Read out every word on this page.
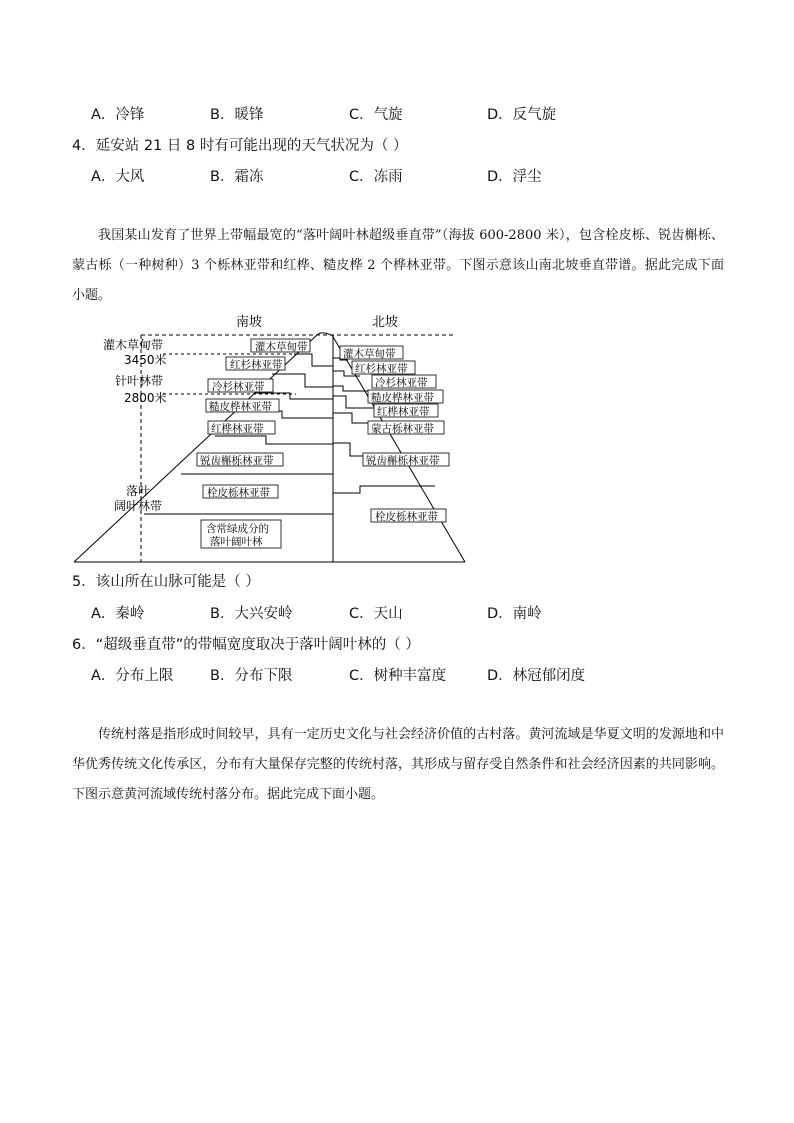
A．冷锋	B．暖锋	C．气旋	D．反气旋
4．延安站 21 日 8 时有可能出现的天气状况为（ ）
A．大风	B．霜冻	C．冻雨	D．浮尘

我国某山发育了世界上带幅最宽的“落叶阔叶林超级垂直带”（海拔 600-2800 米），包含栓皮栎、锐齿槲栎、蒙古栎（一种树种）3 个栎林亚带和红桦、糙皮桦 2 个桦林亚带。下图示意该山南北坡垂直带谱。据此完成下面小题。

南坡	北坡
灌木草甸带
3450米
针叶林带
2800米
落叶
阔叶林带
灌木草甸带
红杉林亚带
冷杉林亚带
糙皮桦林亚带
红桦林亚带
锐齿槲栎林亚带
栓皮栎林亚带
含常绿成分的
落叶阔叶林
灌木草甸带
红杉林亚带
冷杉林亚带
糙皮桦林亚带
红桦林亚带
蒙古栎林亚带
锐齿槲栎林亚带
栓皮栎林亚带
5．该山所在山脉可能是（ ）
A．秦岭	B．大兴安岭	C．天山	D．南岭
6．“超级垂直带”的带幅宽度取决于落叶阔叶林的（ ）
A．分布上限	B．分布下限	C．树种丰富度	D．林冠郁闭度

传统村落是指形成时间较早，具有一定历史文化与社会经济价值的古村落。黄河流域是华夏文明的发源地和中华优秀传统文化传承区，分布有大量保存完整的传统村落，其形成与留存受自然条件和社会经济因素的共同影响。下图示意黄河流域传统村落分布。据此完成下面小题。
